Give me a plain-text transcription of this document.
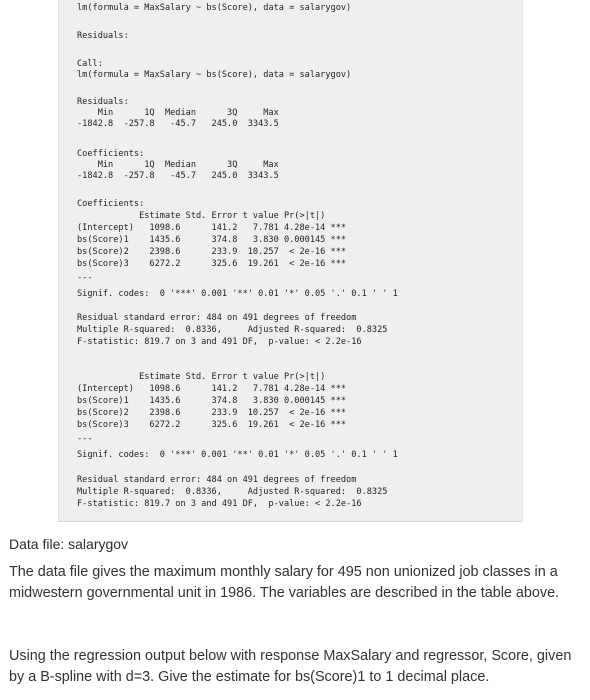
lm(formula = MaxSalary ~ bs(Score), data = salarygov)
Residuals:
Call:
lm(formula = MaxSalary ~ bs(Score), data = salarygov)
Residuals:
Min      1Q  Median      3Q     Max
-1842.8  -257.8   -45.7   245.0  3343.5
Coefficients:
Min      1Q  Median      3Q     Max
-1842.8  -257.8   -45.7   245.0  3343.5
Coefficients:
Estimate Std. Error t value Pr(>|t|)
(Intercept)   1098.6      141.2   7.781 4.28e-14 ***
bs(Score)1    1435.6      374.8   3.830 0.000145 ***
bs(Score)2    2398.6      233.9  10.257  < 2e-16 ***
bs(Score)3    6272.2      325.6  19.261  < 2e-16 ***
---
Signif. codes:  0 '***' 0.001 '**' 0.01 '*' 0.05 '.' 0.1 ' ' 1
Residual standard error: 484 on 491 degrees of freedom
Multiple R-squared:  0.8336,     Adjusted R-squared:  0.8325
F-statistic: 819.7 on 3 and 491 DF,  p-value: < 2.2e-16
Estimate Std. Error t value Pr(>|t|)
(Intercept)   1098.6      141.2   7.781 4.28e-14 ***
bs(Score)1    1435.6      374.8   3.830 0.000145 ***
bs(Score)2    2398.6      233.9  10.257  < 2e-16 ***
bs(Score)3    6272.2      325.6  19.261  < 2e-16 ***
---
Signif. codes:  0 '***' 0.001 '**' 0.01 '*' 0.05 '.' 0.1 ' ' 1
Residual standard error: 484 on 491 degrees of freedom
Multiple R-squared:  0.8336,     Adjusted R-squared:  0.8325
F-statistic: 819.7 on 3 and 491 DF,  p-value: < 2.2e-16
Data file: salarygov
The data file gives the maximum monthly salary for 495 non unionized job classes in a midwestern governmental unit in 1986. The variables are described in the table above.
Using the regression output below with response MaxSalary and regressor, Score, given by a B-spline with d=3. Give the estimate for bs(Score)1 to 1 decimal place.
